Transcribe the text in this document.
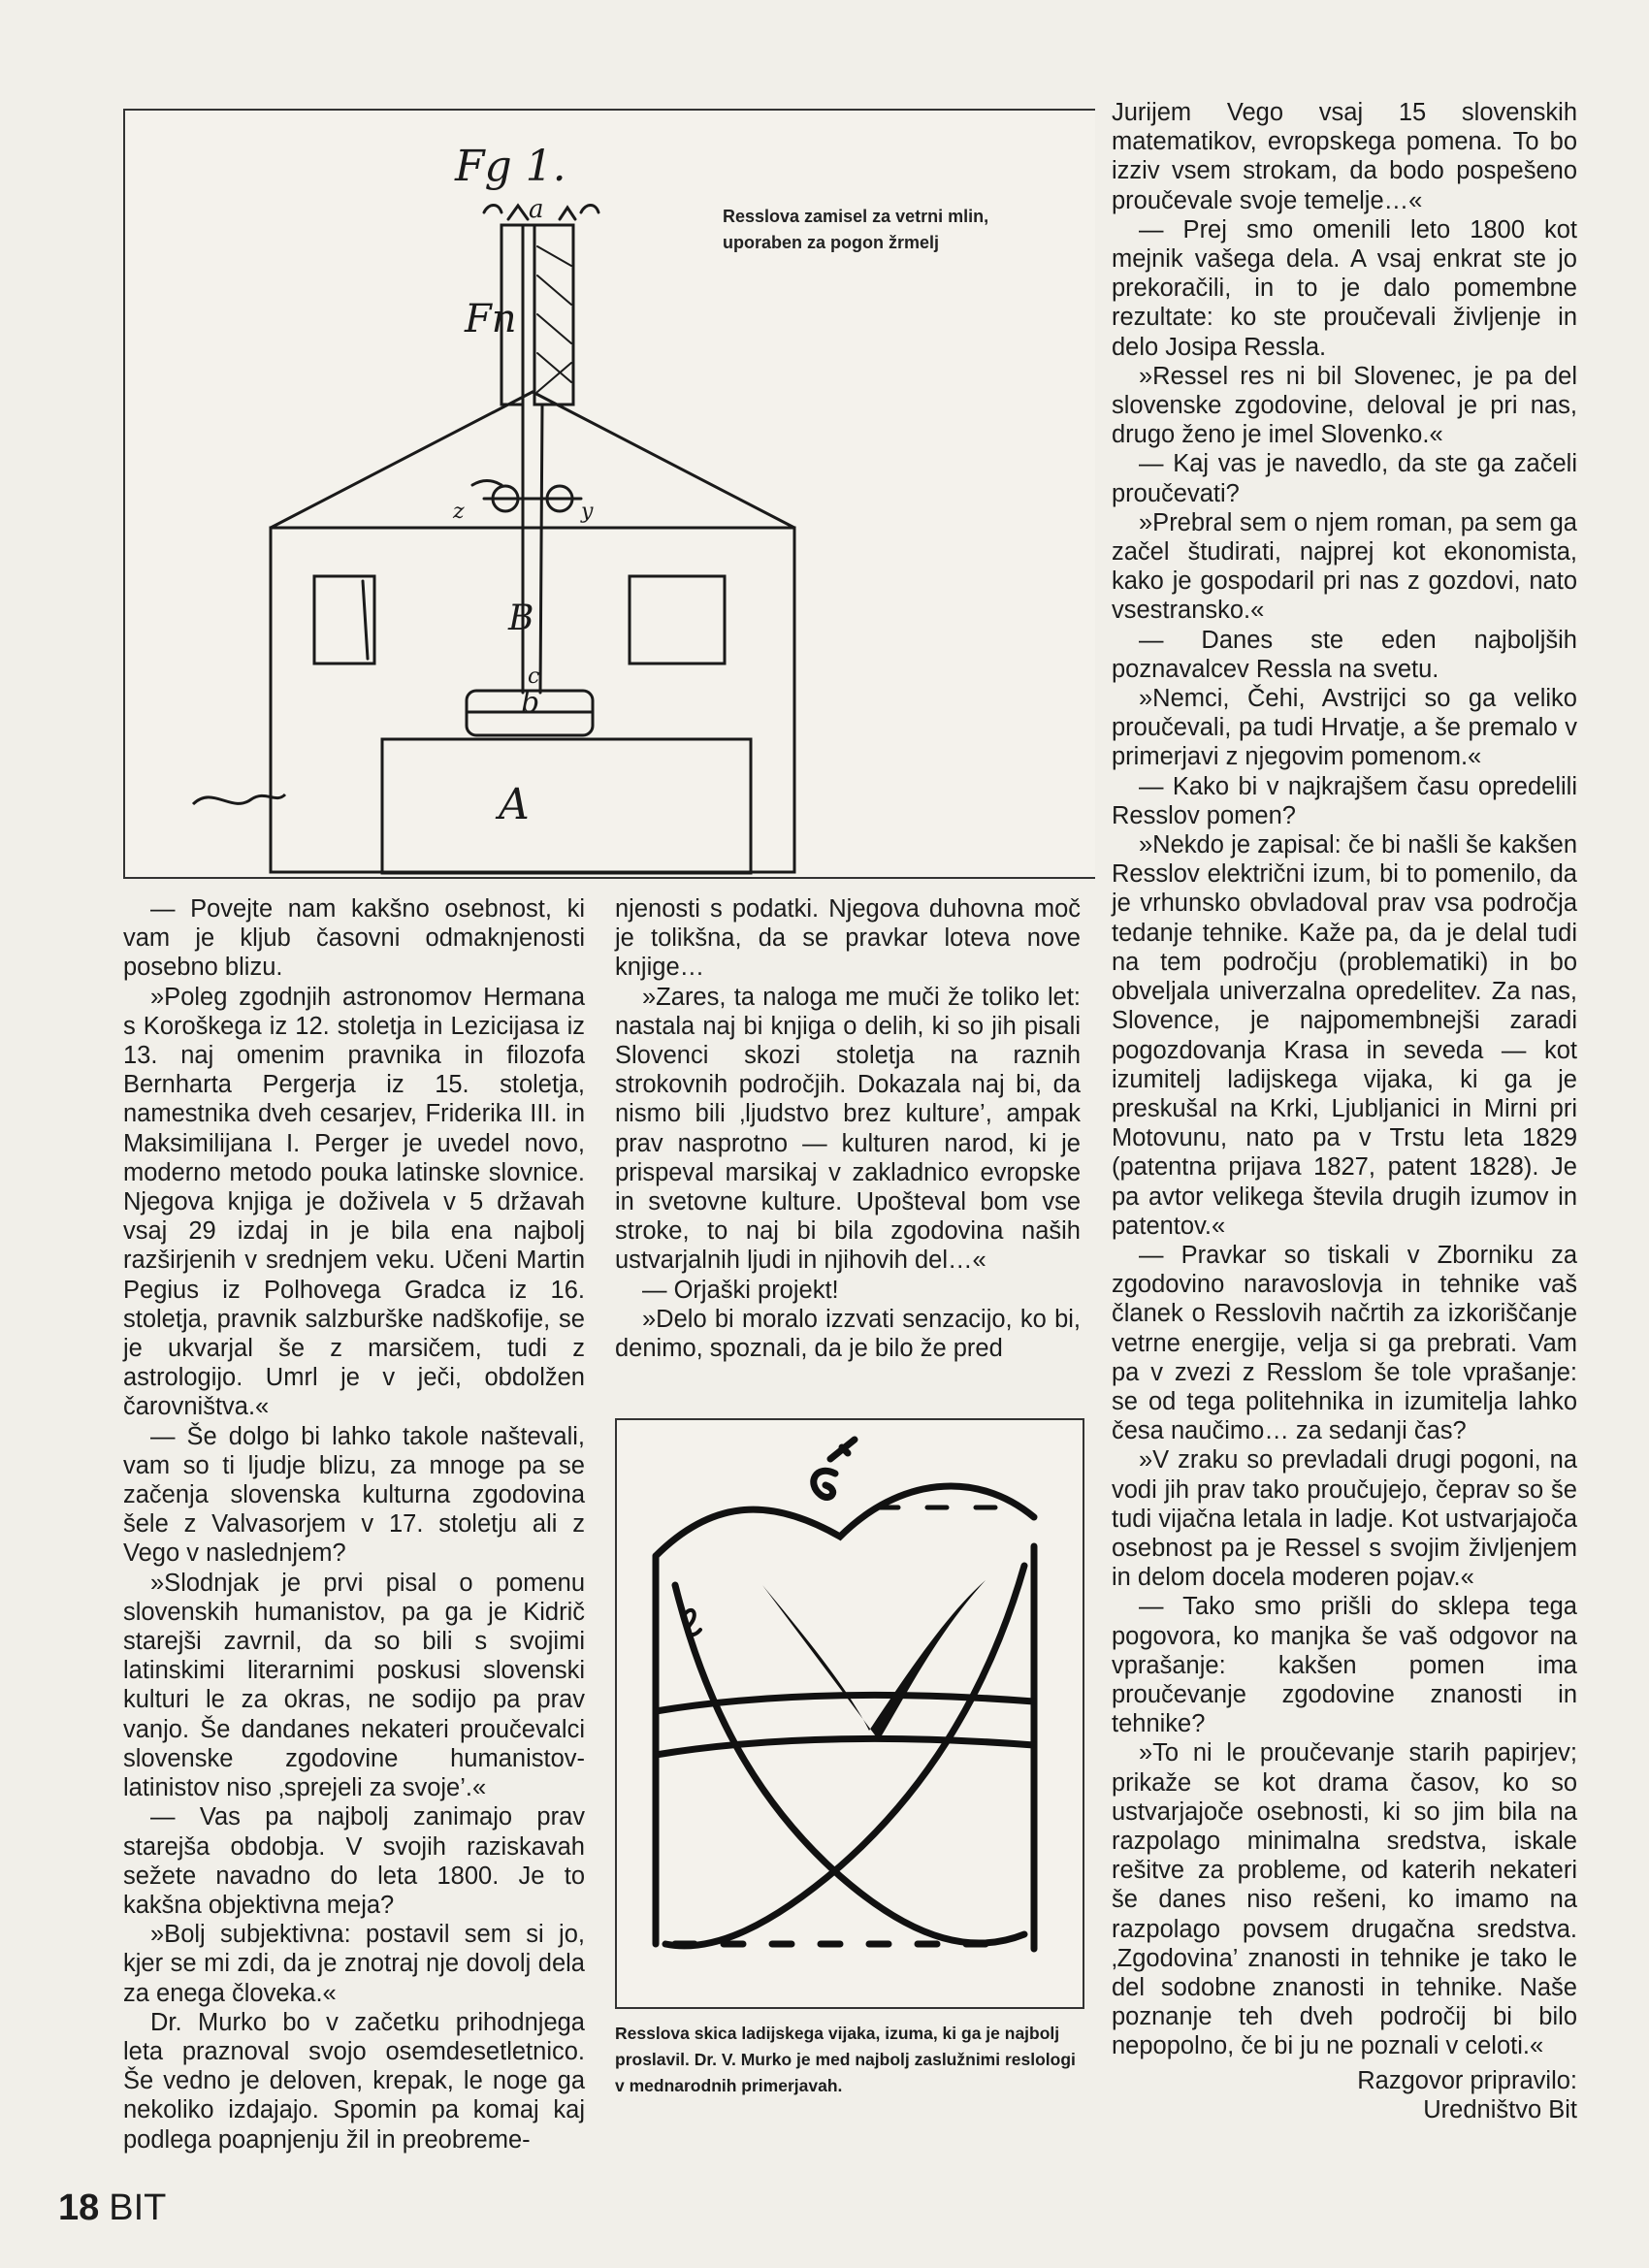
Fg 1.
Fn
a
B
b
c
z	y
A
Resslova zamisel za vetrni mlin, uporaben za pogon žrmelj

— Povejte nam kakšno osebnost, ki vam je kljub časovni odmaknjenosti posebno blizu.

»Poleg zgodnjih astronomov Hermana s Koroškega iz 12. stoletja in Lezicijasa iz 13. naj omenim pravnika in filozofa Bernharta Pergerja iz 15. stoletja, namestnika dveh cesarjev, Friderika III. in Maksimilijana I. Perger je uvedel novo, moderno metodo pouka latinske slovnice. Njegova knjiga je doživela v 5 državah vsaj 29 izdaj in je bila ena najbolj razširjenih v srednjem veku. Učeni Martin Pegius iz Polhovega Gradca iz 16. stoletja, pravnik salzburške nadškofije, se je ukvarjal še z marsičem, tudi z astrologijo. Umrl je v ječi, obdolžen čarovništva.«

— Še dolgo bi lahko takole naštevali, vam so ti ljudje blizu, za mnoge pa se začenja slovenska kulturna zgodovina šele z Valvasorjem v 17. stoletju ali z Vego v naslednjem?

»Slodnjak je prvi pisal o pomenu slovenskih humanistov, pa ga je Kidrič starejši zavrnil, da so bili s svojimi latinskimi literarnimi poskusi slovenski kulturi le za okras, ne sodijo pa prav vanjo. Še dandanes nekateri proučevalci slovenske zgodovine humanistov-latinistov niso ‚sprejeli za svoje’.«

— Vas pa najbolj zanimajo prav starejša obdobja. V svojih raziskavah sežete navadno do leta 1800. Je to kakšna objektivna meja?

»Bolj subjektivna: postavil sem si jo, kjer se mi zdi, da je znotraj nje dovolj dela za enega človeka.«

Dr. Murko bo v začetku prihodnjega leta praznoval svojo osemdesetletnico. Še vedno je deloven, krepak, le noge ga nekoliko izdajajo. Spomin pa komaj kaj podlega poapnjenju žil in preobreme-

njenosti s podatki. Njegova duhovna moč je tolikšna, da se pravkar loteva nove knjige…

»Zares, ta naloga me muči že toliko let: nastala naj bi knjiga o delih, ki so jih pisali Slovenci skozi stoletja na raznih strokovnih področjih. Dokazala naj bi, da nismo bili ‚ljudstvo brez kulture’, ampak prav nasprotno — kulturen narod, ki je prispeval marsikaj v zakladnico evropske in svetovne kulture. Upošteval bom vse stroke, to naj bi bila zgodovina naših ustvarjalnih ljudi in njihovih del…«

— Orjaški projekt!

»Delo bi moralo izzvati senzacijo, ko bi, denimo, spoznali, da je bilo že pred

Resslova skica ladijskega vijaka, izuma, ki ga je najbolj proslavil. Dr. V. Murko je med najbolj zaslužnimi reslologi v mednarodnih primerjavah.

Jurijem Vego vsaj 15 slovenskih matematikov, evropskega pomena. To bo izziv vsem strokam, da bodo pospešeno proučevale svoje temelje…«

— Prej smo omenili leto 1800 kot mejnik vašega dela. A vsaj enkrat ste jo prekoračili, in to je dalo pomembne rezultate: ko ste proučevali življenje in delo Josipa Ressla.

»Ressel res ni bil Slovenec, je pa del slovenske zgodovine, deloval je pri nas, drugo ženo je imel Slovenko.«

— Kaj vas je navedlo, da ste ga začeli proučevati?

»Prebral sem o njem roman, pa sem ga začel študirati, najprej kot ekonomista, kako je gospodaril pri nas z gozdovi, nato vsestransko.«

— Danes ste eden najboljših poznavalcev Ressla na svetu.

»Nemci, Čehi, Avstrijci so ga veliko proučevali, pa tudi Hrvatje, a še premalo v primerjavi z njegovim pomenom.«

— Kako bi v najkrajšem času opredelili Resslov pomen?

»Nekdo je zapisal: če bi našli še kakšen Resslov električni izum, bi to pomenilo, da je vrhunsko obvladoval prav vsa področja tedanje tehnike. Kaže pa, da je delal tudi na tem področju (problematiki) in bo obveljala univerzalna opredelitev. Za nas, Slovence, je najpomembnejši zaradi pogozdovanja Krasa in seveda — kot izumitelj ladijskega vijaka, ki ga je preskušal na Krki, Ljubljanici in Mirni pri Motovunu, nato pa v Trstu leta 1829 (patentna prijava 1827, patent 1828). Je pa avtor velikega števila drugih izumov in patentov.«

— Pravkar so tiskali v Zborniku za zgodovino naravoslovja in tehnike vaš članek o Resslovih načrtih za izkoriščanje vetrne energije, velja si ga prebrati. Vam pa v zvezi z Resslom še tole vprašanje: se od tega politehnika in izumitelja lahko česa naučimo… za sedanji čas?

»V zraku so prevladali drugi pogoni, na vodi jih prav tako proučujejo, čeprav so še tudi vijačna letala in ladje. Kot ustvarjajoča osebnost pa je Ressel s svojim življenjem in delom docela moderen pojav.«

— Tako smo prišli do sklepa tega pogovora, ko manjka še vaš odgovor na vprašanje: kakšen pomen ima proučevanje zgodovine znanosti in tehnike?

»To ni le proučevanje starih papirjev; prikaže se kot drama časov, ko so ustvarjajoče osebnosti, ki so jim bila na razpolago minimalna sredstva, iskale rešitve za probleme, od katerih nekateri še danes niso rešeni, ko imamo na razpolago povsem drugačna sredstva. ‚Zgodovina’ znanosti in tehnike je tako le del sodobne znanosti in tehnike. Naše poznanje teh dveh področij bi bilo nepopolno, če bi ju ne poznali v celoti.«

Razgovor pripravilo:
Uredništvo Bit
18 BIT
